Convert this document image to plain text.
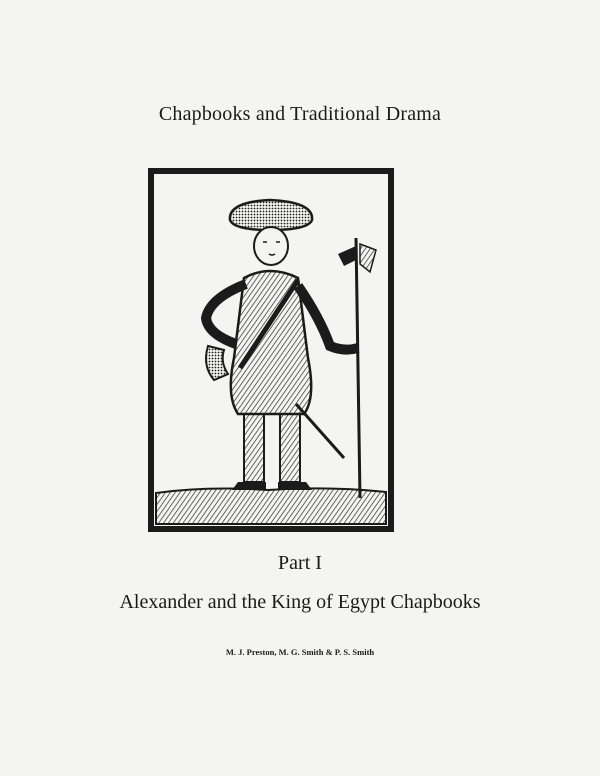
Chapbooks and Traditional Drama
Part I
Alexander and the King of Egypt Chapbooks
M. J. Preston, M. G. Smith & P. S. Smith
